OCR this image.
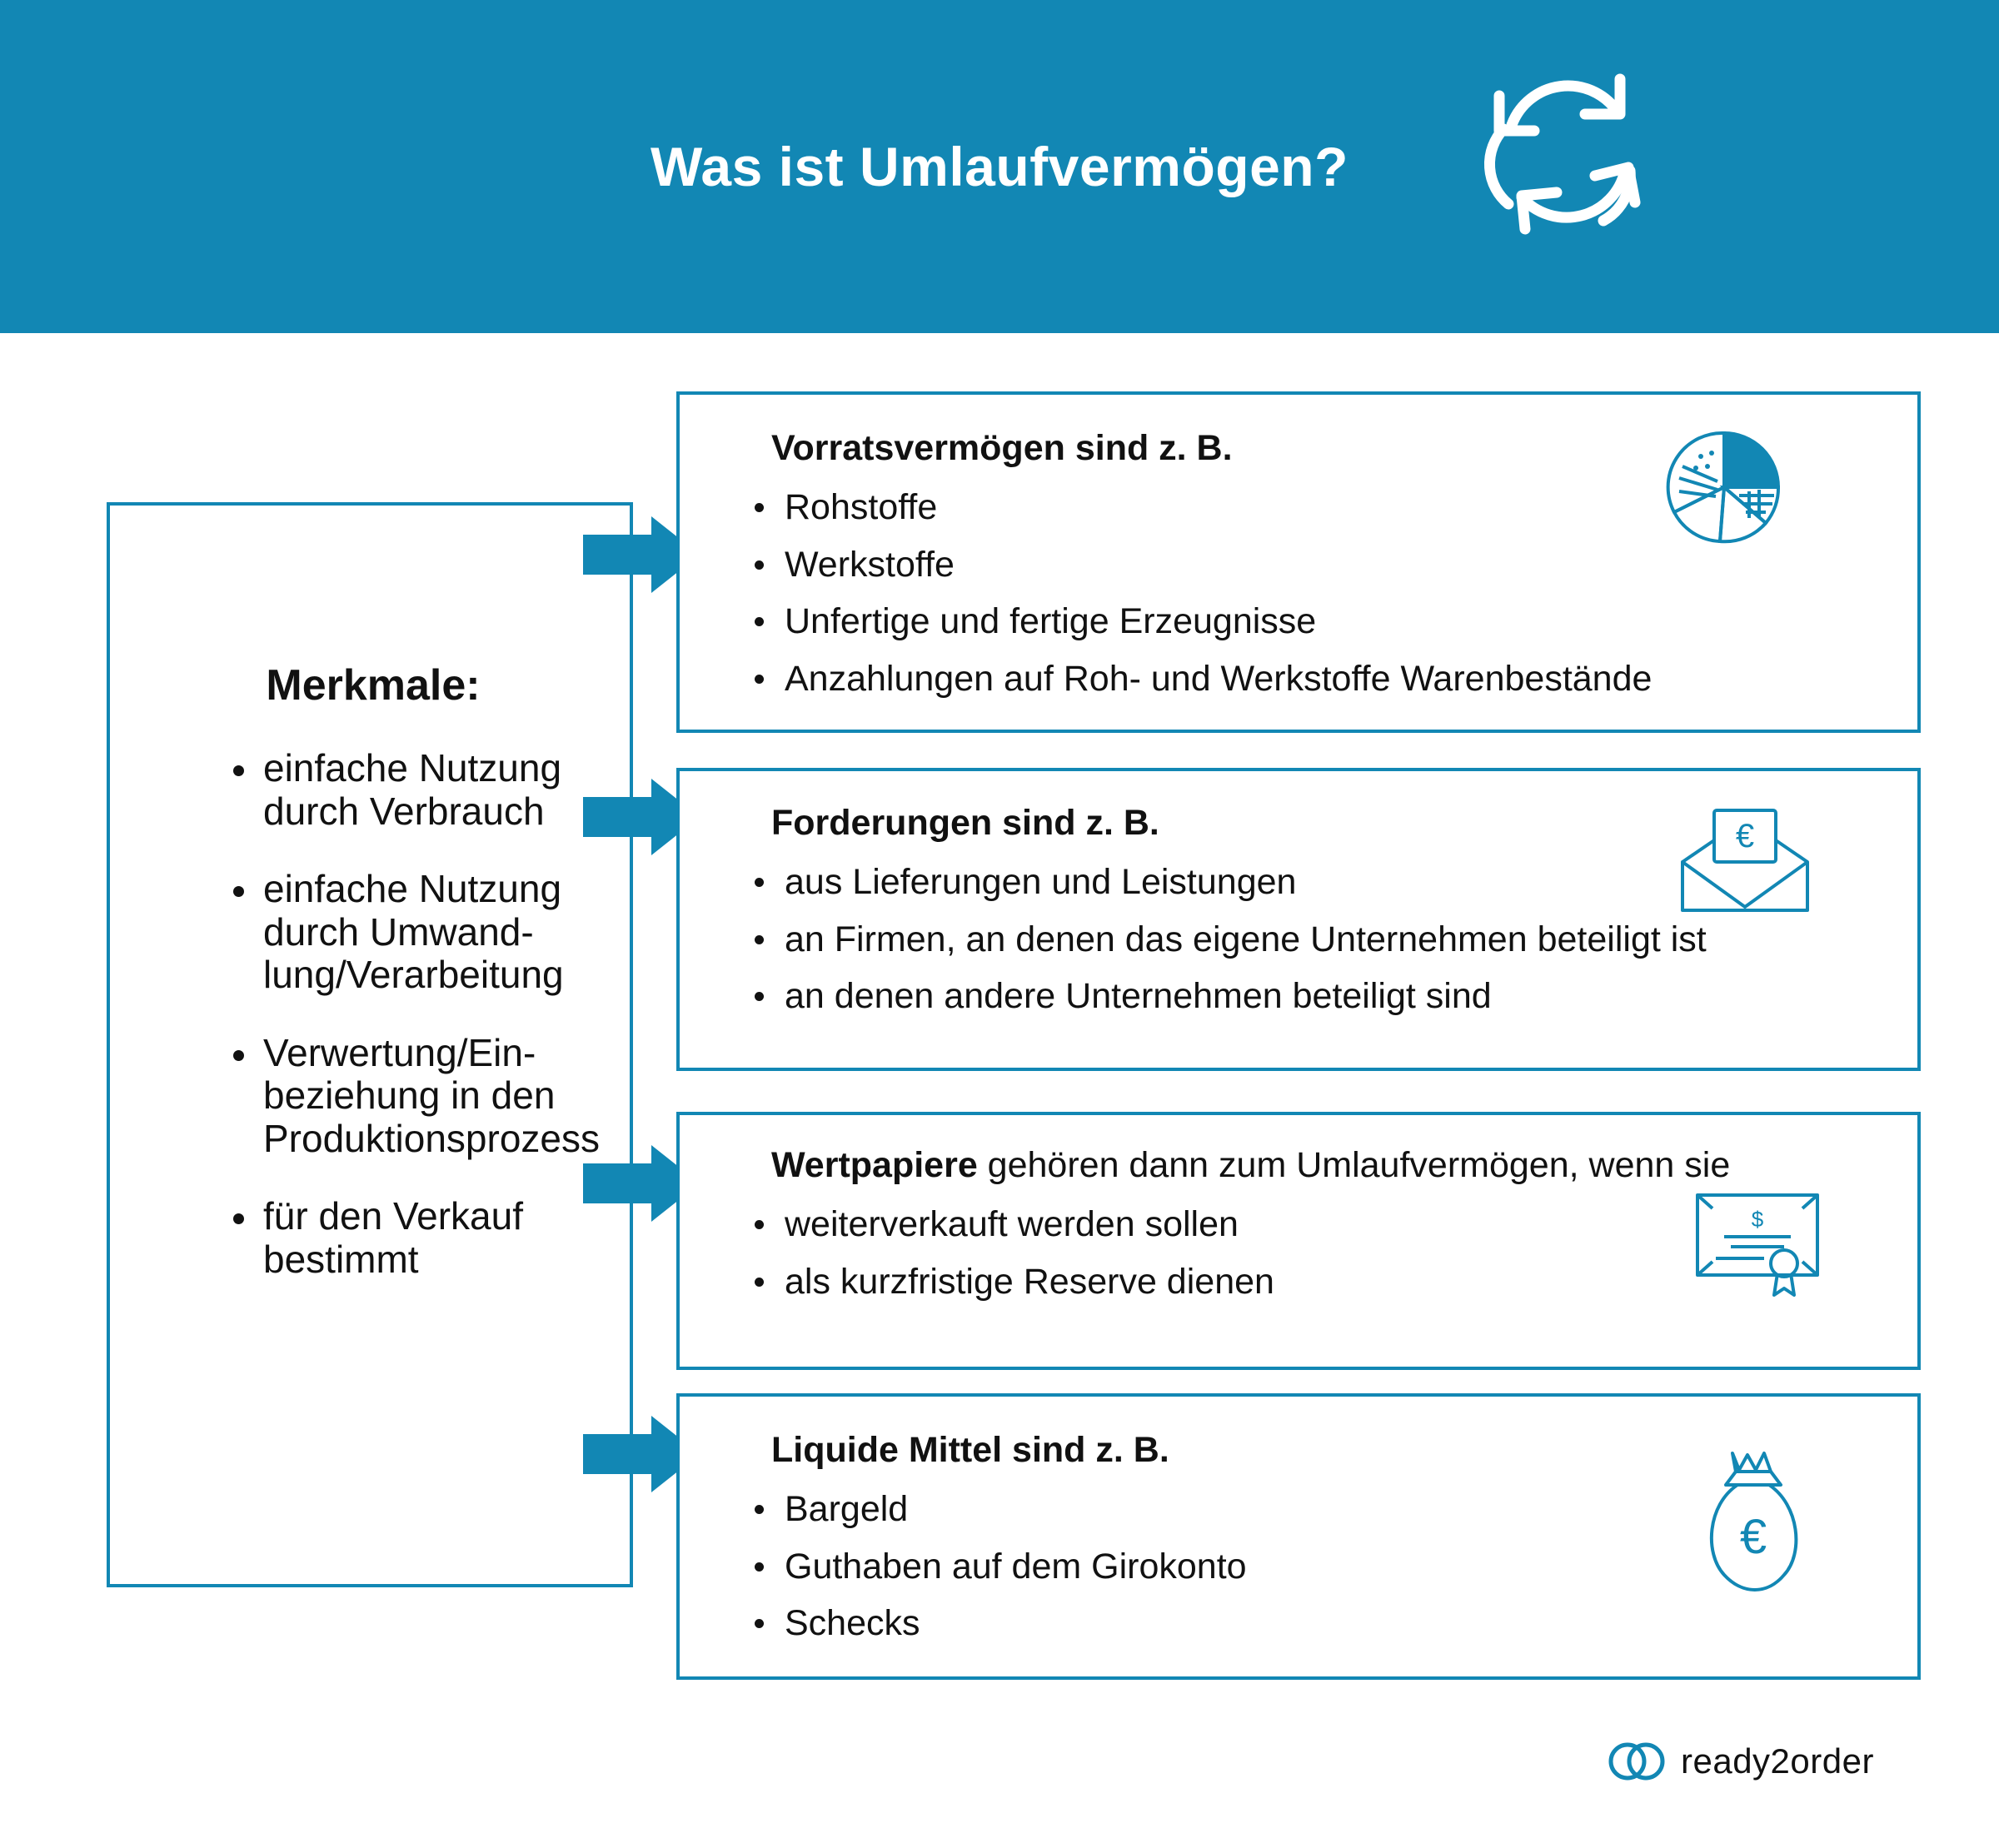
Was ist Umlaufvermögen?
Merkmale:
einfache Nutzung durch Verbrauch
einfache Nutzung durch Umwand-lung/Verarbeitung
Verwertung/Ein-beziehung in den Produktionsprozess
für den Verkauf bestimmt
Vorratsvermögen sind z. B.
Rohstoffe
Werkstoffe
Unfertige und fertige Erzeugnisse
Anzahlungen auf Roh- und Werkstoffe Warenbestände
Forderungen sind z. B.
aus Lieferungen und Leistungen
an Firmen, an denen das eigene Unternehmen beteiligt ist
an denen andere Unternehmen beteiligt sind
€
Wertpapiere gehören dann zum Umlaufvermögen, wenn sie
weiterverkauft werden sollen
als kurzfristige Reserve dienen
$
Liquide Mittel sind z. B.
Bargeld
Guthaben auf dem Girokonto
Schecks
€
ready2order
